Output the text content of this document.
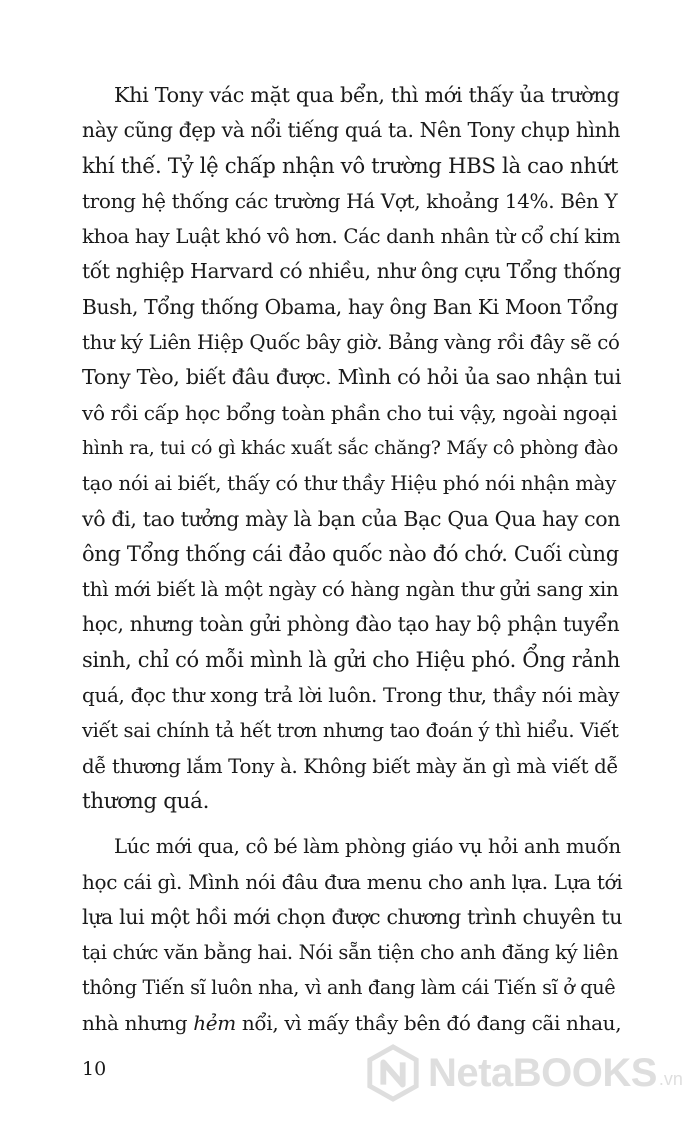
Khi Tony vác mặt qua bển, thì mới thấy ủa trường
này cũng đẹp và nổi tiếng quá ta. Nên Tony chụp hình
khí thế. Tỷ lệ chấp nhận vô trường HBS là cao nhứt
trong hệ thống các trường Há Vợt, khoảng 14%. Bên Y
khoa hay Luật khó vô hơn. Các danh nhân từ cổ chí kim
tốt nghiệp Harvard có nhiều, như ông cựu Tổng thống
Bush, Tổng thống Obama, hay ông Ban Ki Moon Tổng
thư ký Liên Hiệp Quốc bây giờ. Bảng vàng rồi đây sẽ có
Tony Tèo, biết đâu được. Mình có hỏi ủa sao nhận tui
vô rồi cấp học bổng toàn phần cho tui vậy, ngoài ngoại
hình ra, tui có gì khác xuất sắc chăng? Mấy cô phòng đào
tạo nói ai biết, thấy có thư thầy Hiệu phó nói nhận mày
vô đi, tao tưởng mày là bạn của Bạc Qua Qua hay con
ông Tổng thống cái đảo quốc nào đó chớ. Cuối cùng
thì mới biết là một ngày có hàng ngàn thư gửi sang xin
học, nhưng toàn gửi phòng đào tạo hay bộ phận tuyển
sinh, chỉ có mỗi mình là gửi cho Hiệu phó. Ổng rảnh
quá, đọc thư xong trả lời luôn. Trong thư, thầy nói mày
viết sai chính tả hết trơn nhưng tao đoán ý thì hiểu. Viết
dễ thương lắm Tony à. Không biết mày ăn gì mà viết dễ
thương quá.
Lúc mới qua, cô bé làm phòng giáo vụ hỏi anh muốn
học cái gì. Mình nói đâu đưa menu cho anh lựa. Lựa tới
lựa lui một hồi mới chọn được chương trình chuyên tu
tại chức văn bằng hai. Nói sẵn tiện cho anh đăng ký liên
thông Tiến sĩ luôn nha, vì anh đang làm cái Tiến sĩ ở quê
nhà nhưng hẻm nổi, vì mấy thầy bên đó đang cãi nhau,
10	NetaBOOKS .vn
